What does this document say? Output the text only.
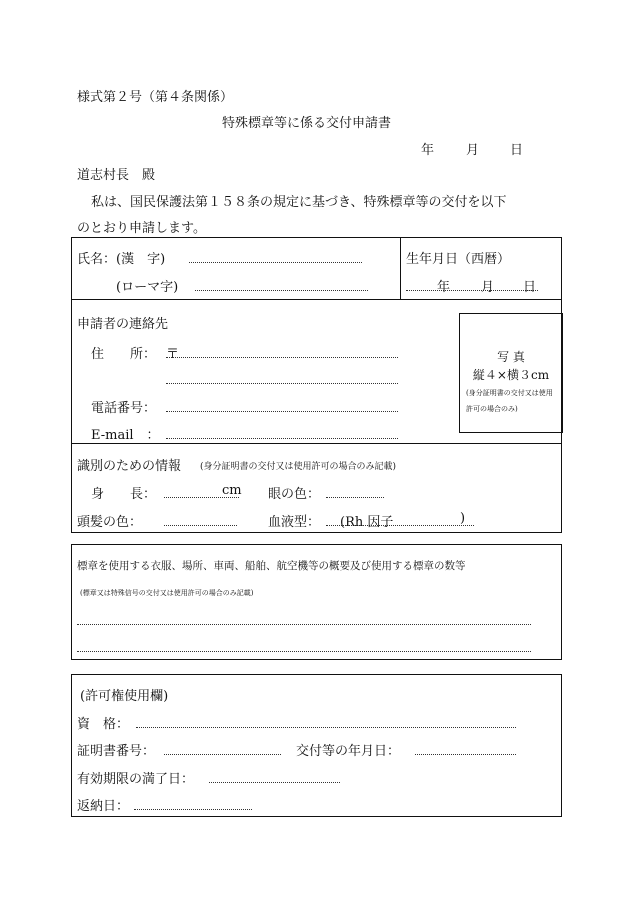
様式第２号（第４条関係）
特殊標章等に係る交付申請書
年 月 日
道志村長　殿
私は、国民保護法第１５８条の規定に基づき、特殊標章等の交付を以下
のとおり申請します。
氏名：(漢　字)
(ローマ字)
生年月日（西暦）
年 月 日
申請者の連絡先
住　　所： 〒
電話番号：
E-mail　：
写 真
縦４×横３cm
(身分証明書の交付又は使用
許可の場合のみ)
識別のための情報 (身分証明書の交付又は使用許可の場合のみ記載)
身　　長：	cm 眼の色：
頭髪の色：	血液型： (Rh 因子	)
標章を使用する衣服、場所、車両、船舶、航空機等の概要及び使用する標章の数等
(標章又は特殊信号の交付又は使用許可の場合のみ記載)
(許可権使用欄)
資　格：
証明書番号：	交付等の年月日：
有効期限の満了日：
返納日：
